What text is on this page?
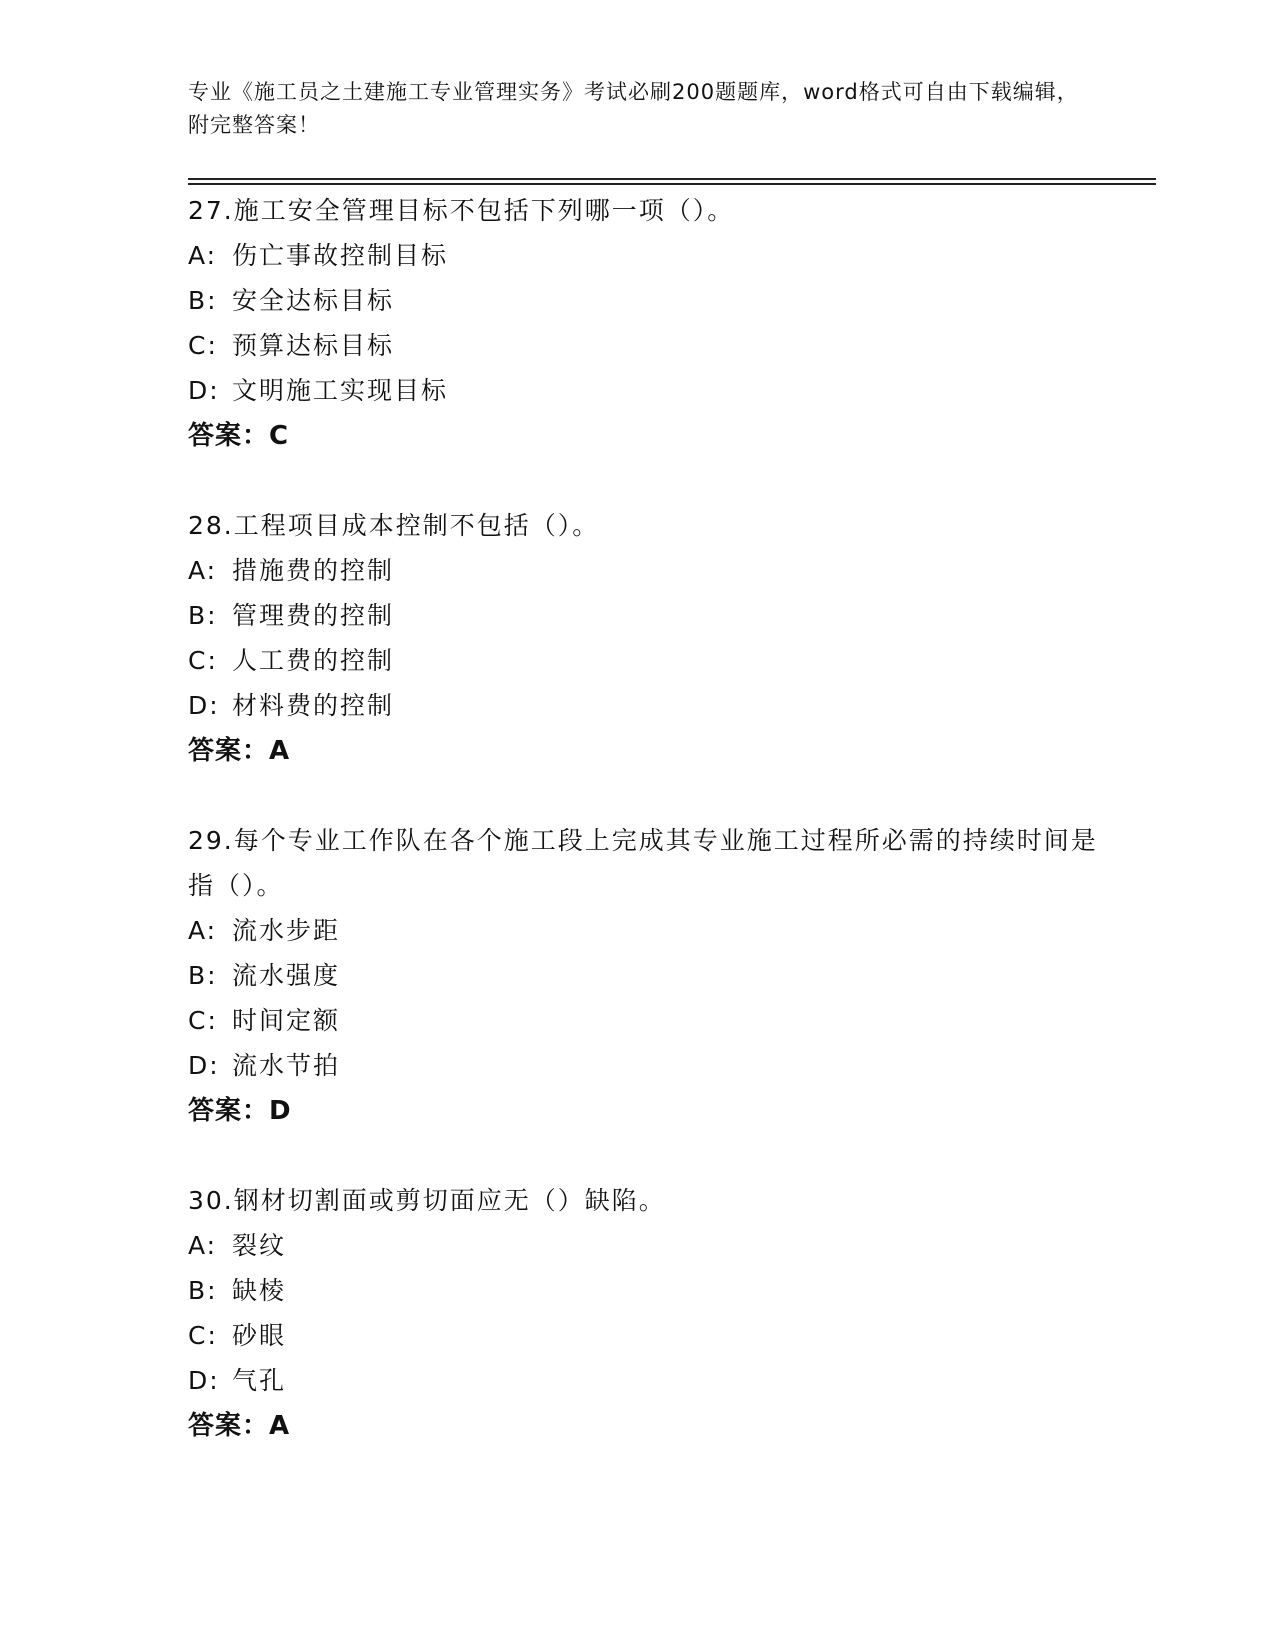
专业《施工员之土建施工专业管理实务》考试必刷200题题库，word格式可自由下载编辑，附完整答案！
27.施工安全管理目标不包括下列哪一项（）。
A: 伤亡事故控制目标
B: 安全达标目标
C: 预算达标目标
D: 文明施工实现目标
答案：C
28.工程项目成本控制不包括（）。
A: 措施费的控制
B: 管理费的控制
C: 人工费的控制
D: 材料费的控制
答案：A
29.每个专业工作队在各个施工段上完成其专业施工过程所必需的持续时间是指（）。
A: 流水步距
B: 流水强度
C: 时间定额
D: 流水节拍
答案：D
30.钢材切割面或剪切面应无（）缺陷。
A: 裂纹
B: 缺棱
C: 砂眼
D: 气孔
答案：A
